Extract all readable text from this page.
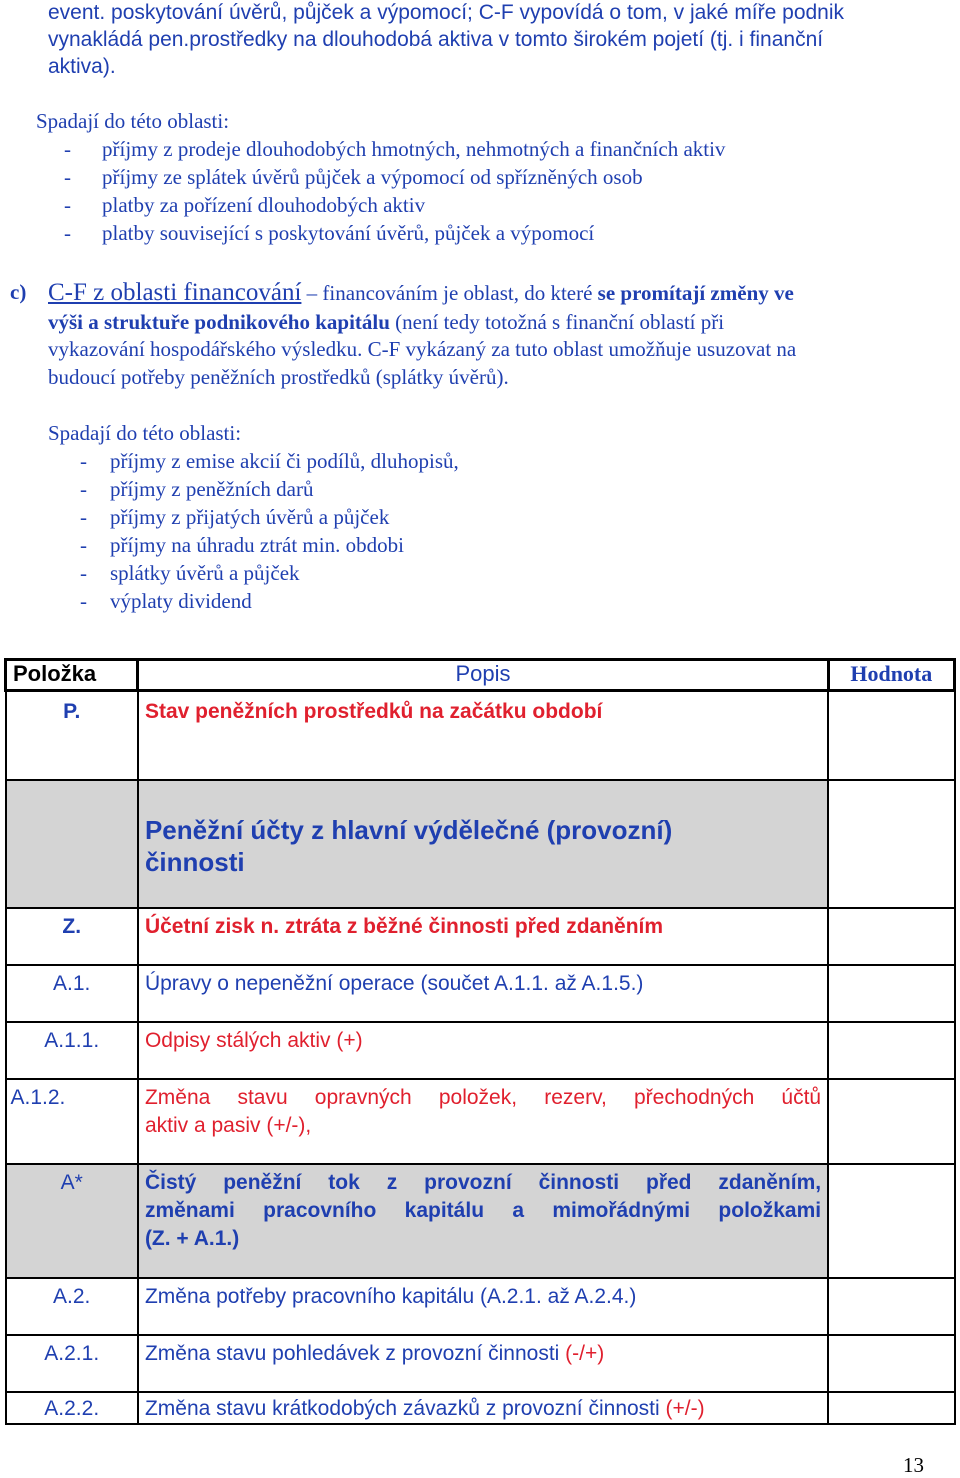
event. poskytování úvěrů, půjček a výpomocí; C-F vypovídá o tom, v jaké míře podnik
vynakládá pen.prostředky na dlouhodobá aktiva v tomto širokém pojetí (tj. i finanční
aktiva).
Spadají do této oblasti:
- příjmy z prodeje dlouhodobých hmotných, nehmotných a finančních aktiv
- příjmy ze splátek úvěrů půjček a výpomocí od spřízněných osob
- platby za pořízení dlouhodobých aktiv
- platby související s poskytování úvěrů, půjček a výpomocí
c) C-F z oblasti financování – financováním je oblast, do které se promítají změny ve
výši a struktuře podnikového kapitálu (není tedy totožná s finanční oblastí při
vykazování hospodářského výsledku. C-F vykázaný za tuto oblast umožňuje usuzovat na
budoucí potřeby peněžních prostředků (splátky úvěrů).
Spadají do této oblasti:
- příjmy z emise akcií či podílů, dluhopisů,
- příjmy z peněžních darů
- příjmy z přijatých úvěrů a půjček
- příjmy na úhradu ztrát min. obdobi
- splátky úvěrů a půjček
- výplaty dividend
Položka	Popis	Hodnota
P.	Stav peněžních prostředků na začátku období	

	Peněžní účty z hlavní výdělečné (provozní) činnosti	

Z.	Účetní zisk n. ztráta z běžné činnosti před zdaněním	
A.1.	Úpravy o nepeněžní operace (součet A.1.1. až A.1.5.)	
A.1.1.	Odpisy stálých aktiv (+)	
A.1.2.	Změna stavu opravných položek, rezerv, přechodných účtů
aktiv a pasiv (+/-),	

A*	Čistý peněžní tok z provozní činnosti před zdaněním,
změnami pracovního kapitálu a mimořádnými položkami
(Z. + A.1.)	

A.2.	Změna potřeby pracovního kapitálu (A.2.1. až A.2.4.)	
A.2.1.	Změna stavu pohledávek z provozní činnosti (-/+)	
A.2.2.	Změna stavu krátkodobých závazků z provozní činnosti (+/-)	
13
